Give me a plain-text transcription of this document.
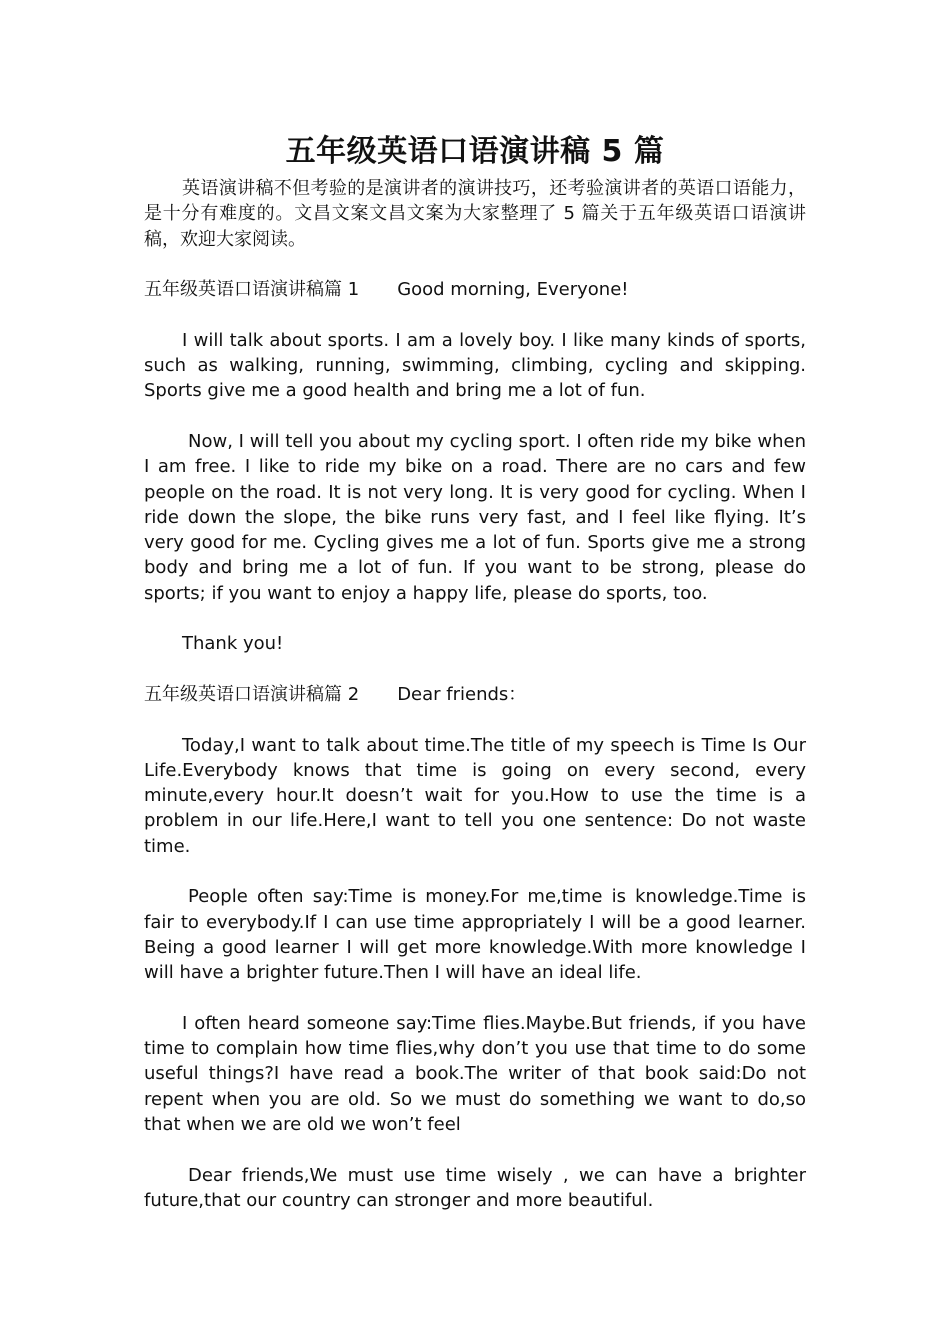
五年级英语口语演讲稿 5 篇

英语演讲稿不但考验的是演讲者的演讲技巧，还考验演讲者的英语口语能力，是十分有难度的。文昌文案文昌文案为大家整理了 5 篇关于五年级英语口语演讲稿，欢迎大家阅读。

五年级英语口语演讲稿篇 1 Good morning, Everyone!

I will talk about sports. I am a lovely boy. I like many kinds of sports, such as walking, running, swimming, climbing, cycling and skipping. Sports give me a good health and bring me a lot of fun.

Now, I will tell you about my cycling sport. I often ride my bike when I am free. I like to ride my bike on a road. There are no cars and few people on the road. It is not very long. It is very good for cycling. When I ride down the slope, the bike runs very fast, and I feel like flying. It’s very good for me. Cycling gives me a lot of fun. Sports give me a strong body and bring me a lot of fun. If you want to be strong, please do sports; if you want to enjoy a happy life, please do sports, too.

Thank you!

五年级英语口语演讲稿篇 2 Dear friends：

Today,I want to talk about time.The title of my speech is Time Is Our Life.Everybody knows that time is going on every second, every minute,every hour.It doesn’t wait for you.How to use the time is a problem in our life.Here,I want to tell you one sentence: Do not waste time.

People often say:Time is money.For me,time is knowledge.Time is fair to everybody.If I can use time appropriately I will be a good learner. Being a good learner I will get more knowledge.With more knowledge I will have a brighter future.Then I will have an ideal life.

I often heard someone say:Time flies.Maybe.But friends, if you have time to complain how time flies,why don’t you use that time to do some useful things?I have read a book.The writer of that book said:Do not repent when you are old. So we must do something we want to do,so that when we are old we won’t feel

Dear friends,We must use time wisely , we can have a brighter future,that our country can stronger and more beautiful.
